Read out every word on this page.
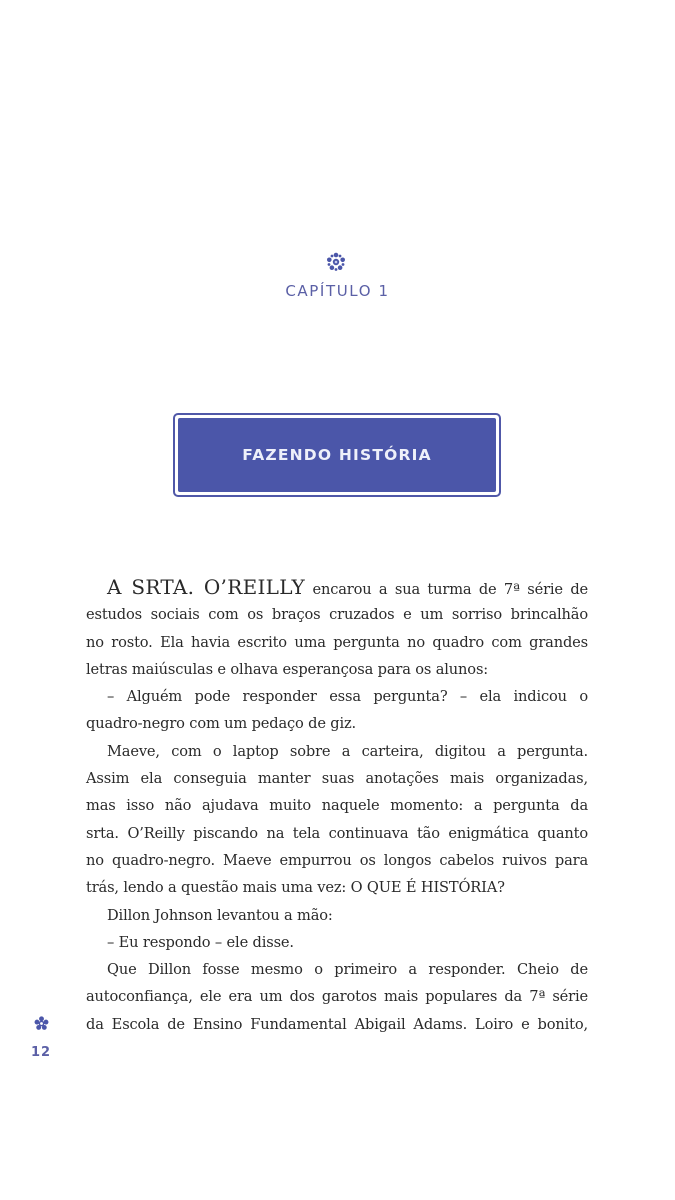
CAPÍTULO 1
FAZENDO HISTÓRIA
A SRTA. O’REILLY encarou a sua turma de 7ª série de
estudos sociais com os braços cruzados e um sorriso brincalhão
no rosto. Ela havia escrito uma pergunta no quadro com grandes
letras maiúsculas e olhava esperançosa para os alunos:
– Alguém pode responder essa pergunta? – ela indicou o
quadro-negro com um pedaço de giz.
Maeve, com o laptop sobre a carteira, digitou a pergunta.
Assim ela conseguia manter suas anotações mais organizadas,
mas isso não ajudava muito naquele momento: a pergunta da
srta. O’Reilly piscando na tela continuava tão enigmática quanto
no quadro-negro. Maeve empurrou os longos cabelos ruivos para
trás, lendo a questão mais uma vez: O QUE É HISTÓRIA?
Dillon Johnson levantou a mão:
– Eu respondo – ele disse.
Que Dillon fosse mesmo o primeiro a responder. Cheio de
autoconfiança, ele era um dos garotos mais populares da 7ª série
da Escola de Ensino Fundamental Abigail Adams. Loiro e bonito,
12
